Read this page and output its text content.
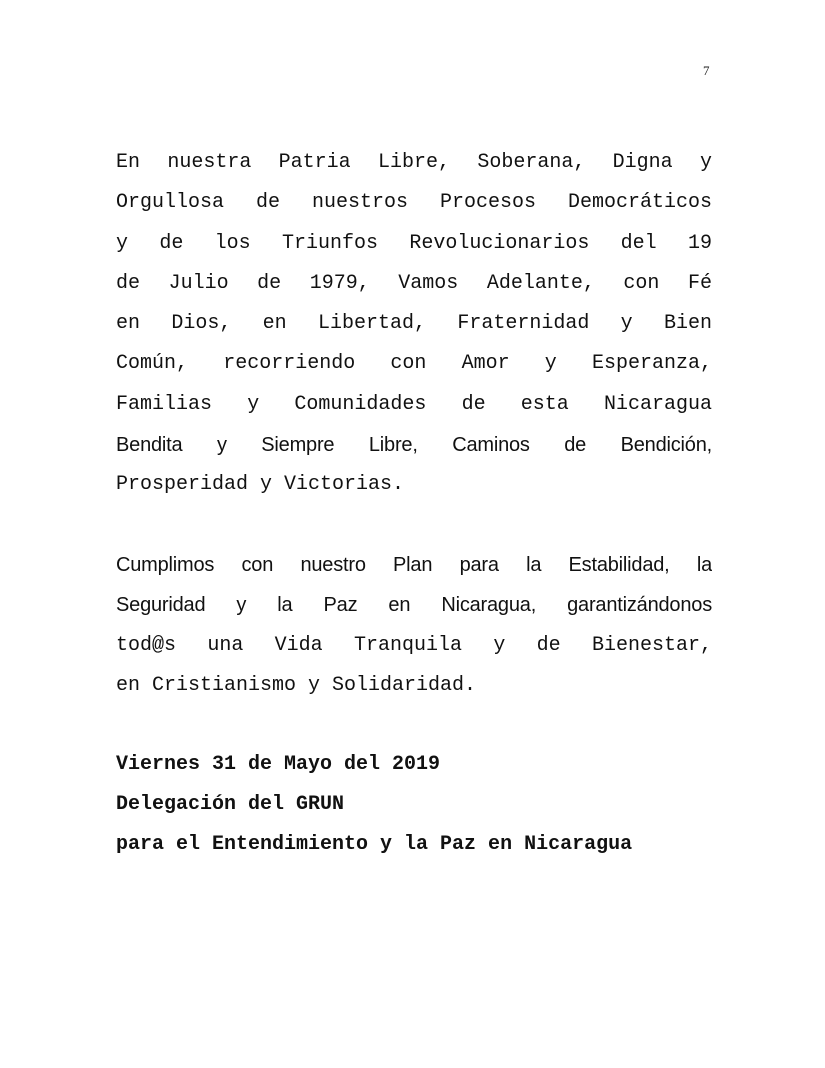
7
En nuestra Patria Libre, Soberana, Digna y
Orgullosa de nuestros Procesos Democráticos
y de los Triunfos Revolucionarios del 19
de Julio de 1979, Vamos Adelante, con Fé
en Dios, en Libertad, Fraternidad y Bien
Común, recorriendo con Amor y Esperanza,
Familias y Comunidades de esta Nicaragua
Bendita y Siempre Libre, Caminos de Bendición,
Prosperidad y Victorias.
Cumplimos con nuestro Plan para la Estabilidad, la
Seguridad y la Paz en Nicaragua, garantizándonos
tod@s una Vida Tranquila y de Bienestar,
en Cristianismo y Solidaridad.
Viernes 31 de Mayo del 2019
Delegación del GRUN
para el Entendimiento y la Paz en Nicaragua
